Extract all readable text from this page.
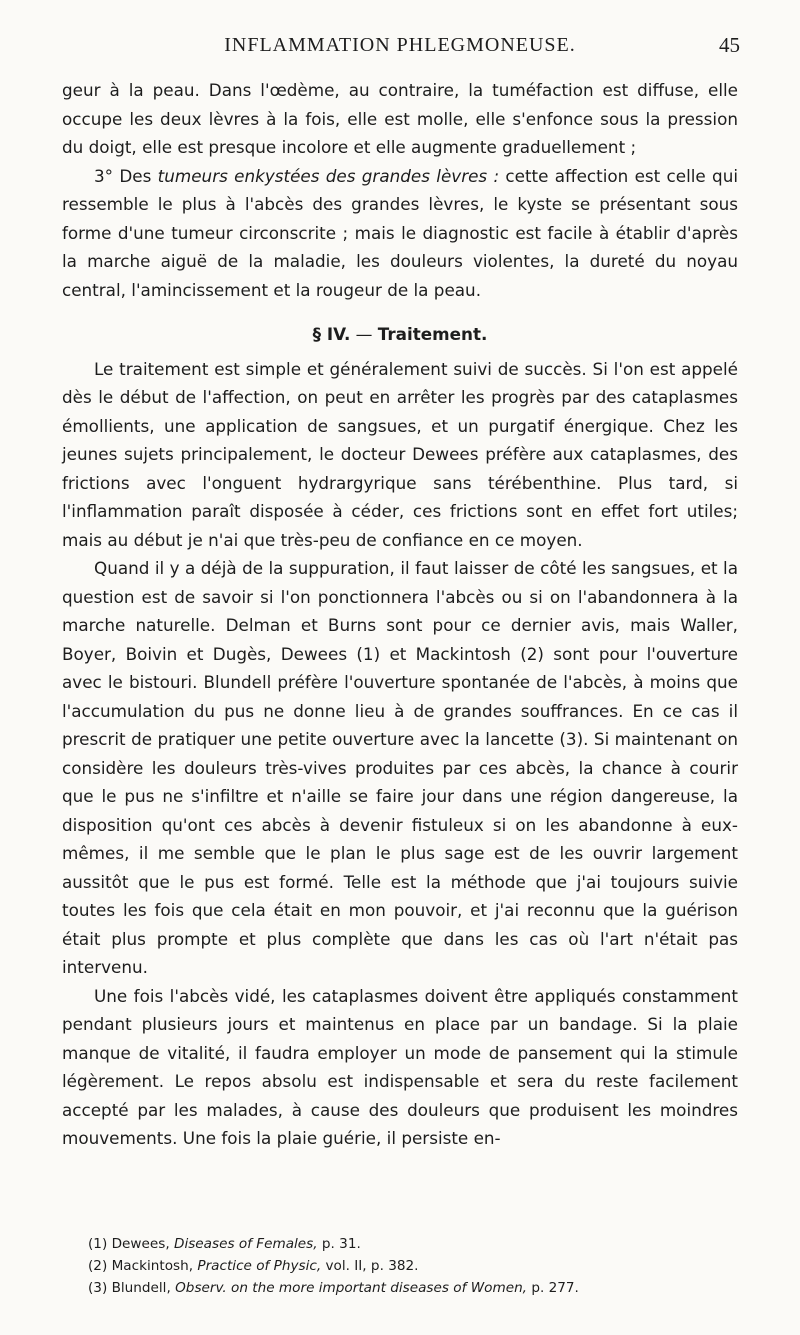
INFLAMMATION PHLEGMONEUSE.	45

geur à la peau. Dans l'œdème, au contraire, la tuméfaction est diffuse, elle occupe les deux lèvres à la fois, elle est molle, elle s'enfonce sous la pression du doigt, elle est presque incolore et elle augmente graduellement ;

3° Des tumeurs enkystées des grandes lèvres : cette affection est celle qui ressemble le plus à l'abcès des grandes lèvres, le kyste se présentant sous forme d'une tumeur circonscrite ; mais le diagnostic est facile à établir d'après la marche aiguë de la maladie, les douleurs violentes, la dureté du noyau central, l'amincissement et la rougeur de la peau.

§ IV. — Traitement.

Le traitement est simple et généralement suivi de succès. Si l'on est appelé dès le début de l'affection, on peut en arrêter les progrès par des cataplasmes émollients, une application de sangsues, et un purgatif énergique. Chez les jeunes sujets principalement, le docteur Dewees préfère aux cataplasmes, des frictions avec l'onguent hydrargyrique sans térébenthine. Plus tard, si l'inflammation paraît disposée à céder, ces frictions sont en effet fort utiles; mais au début je n'ai que très-peu de confiance en ce moyen.

Quand il y a déjà de la suppuration, il faut laisser de côté les sangsues, et la question est de savoir si l'on ponctionnera l'abcès ou si on l'abandonnera à la marche naturelle. Delman et Burns sont pour ce dernier avis, mais Waller, Boyer, Boivin et Dugès, Dewees (1) et Mackintosh (2) sont pour l'ouverture avec le bistouri. Blundell préfère l'ouverture spontanée de l'abcès, à moins que l'accumulation du pus ne donne lieu à de grandes souffrances. En ce cas il prescrit de pratiquer une petite ouverture avec la lancette (3). Si maintenant on considère les douleurs très-vives produites par ces abcès, la chance à courir que le pus ne s'infiltre et n'aille se faire jour dans une région dangereuse, la disposition qu'ont ces abcès à devenir fistuleux si on les abandonne à eux-mêmes, il me semble que le plan le plus sage est de les ouvrir largement aussitôt que le pus est formé. Telle est la méthode que j'ai toujours suivie toutes les fois que cela était en mon pouvoir, et j'ai reconnu que la guérison était plus prompte et plus complète que dans les cas où l'art n'était pas intervenu.

Une fois l'abcès vidé, les cataplasmes doivent être appliqués constamment pendant plusieurs jours et maintenus en place par un bandage. Si la plaie manque de vitalité, il faudra employer un mode de pansement qui la stimule légèrement. Le repos absolu est indispensable et sera du reste facilement accepté par les malades, à cause des douleurs que produisent les moindres mouvements. Une fois la plaie guérie, il persiste en-

(1) Dewees, Diseases of Females, p. 31.

(2) Mackintosh, Practice of Physic, vol. II, p. 382.

(3) Blundell, Observ. on the more important diseases of Women, p. 277.
